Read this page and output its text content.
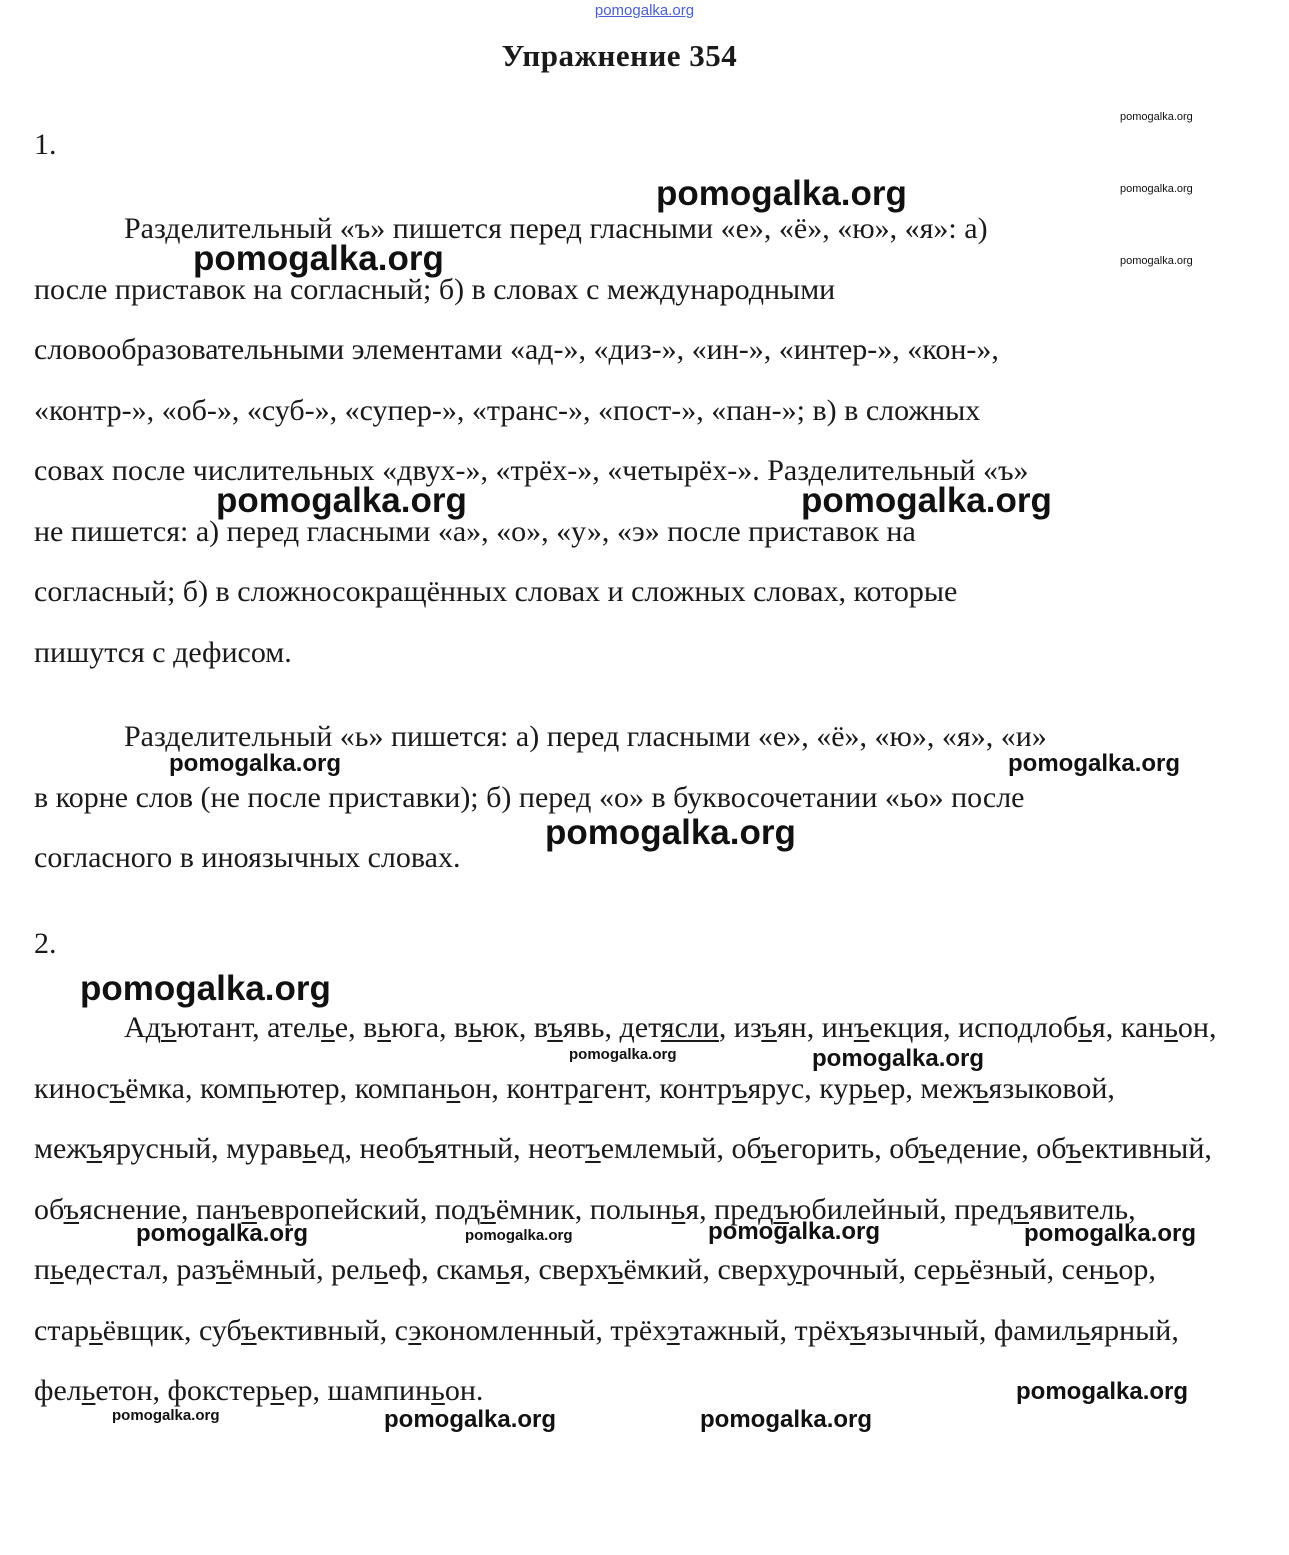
pomogalka.org
Упражнение 354
1.
Разделительный «ъ» пишется перед гласными «е», «ё», «ю», «я»: а)
после приставок на согласный; б) в словах с международными
словообразовательными элементами «ад-», «диз-», «ин-», «интер-», «кон-»,
«контр-», «об-», «суб-», «супер-», «транс-», «пост-», «пан-»; в) в сложных
совах после числительных «двух-», «трёх-», «четырёх-». Разделительный «ъ»
не пишется: а) перед гласными «а», «о», «у», «э» после приставок на
согласный; б) в сложносокращённых словах и сложных словах, которые
пишутся с дефисом.
Разделительный «ь» пишется: а) перед гласными «е», «ё», «ю», «я», «и»
в корне слов (не после приставки); б) перед «о» в буквосочетании «ьо» после
согласного в иноязычных словах.
2.
Адъютант, ателье, вьюга, вьюк, въявь, детясли, изъян, инъекция, исподлобья, каньон, киносъёмка, компьютер, компаньон, контрагент, контръярус, курьер, межъязыковой, межъярусный, муравьед, необъятный, неотъемлемый, объегорить, объедение, объективный, объяснение, панъевропейский, подъёмник, полынья, предъюбилейный, предъявитель, пьедестал, разъёмный, рельеф, скамья, сверхъёмкий, сверхурочный, серьёзный, сеньор, старьёвщик, субъективный, сэкономленный, трёхэтажный, трёхъязычный, фамильярный, фельетон, фокстерьер, шампиньон.
pomogalka.org
pomogalka.org
pomogalka.org
pomogalka.org
pomogalka.org
pomogalka.org	pomogalka.org
pomogalka.org	pomogalka.org
pomogalka.org
pomogalka.org
pomogalka.org	pomogalka.org
pomogalka.org	pomogalka.org	pomogalka.org	pomogalka.org
pomogalka.org
pomogalka.org	pomogalka.org	pomogalka.org
